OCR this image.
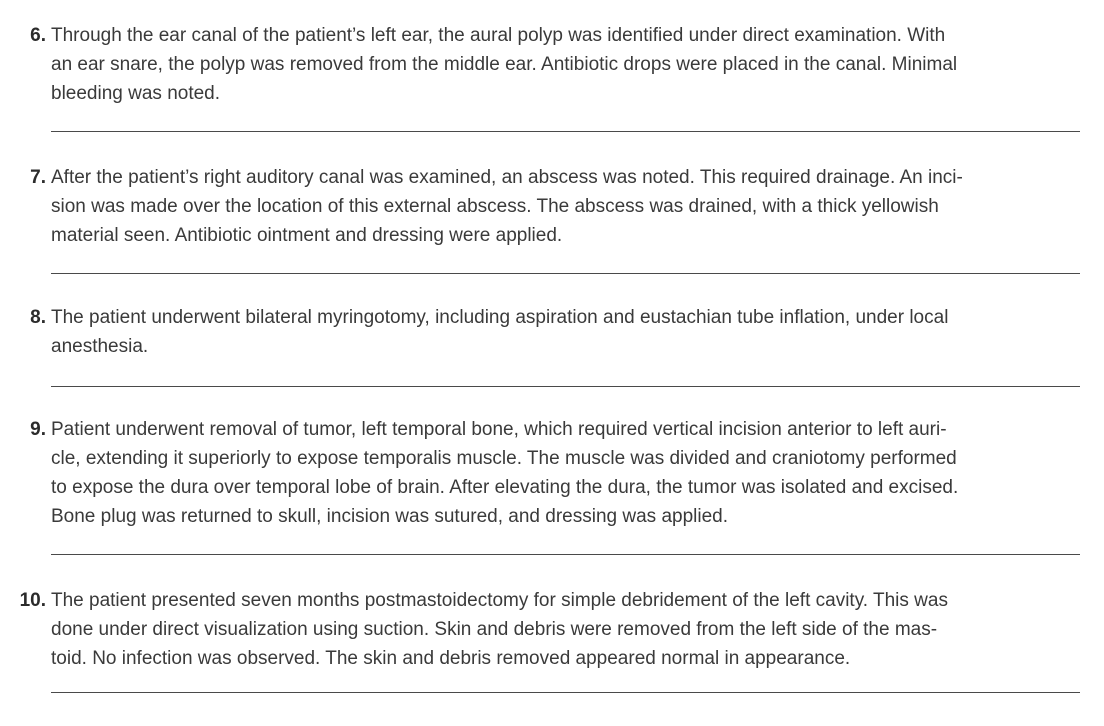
6. Through the ear canal of the patient’s left ear, the aural polyp was identified under direct examination. With
an ear snare, the polyp was removed from the middle ear. Antibiotic drops were placed in the canal. Minimal
bleeding was noted.

7. After the patient’s right auditory canal was examined, an abscess was noted. This required drainage. An inci-
sion was made over the location of this external abscess. The abscess was drained, with a thick yellowish
material seen. Antibiotic ointment and dressing were applied.

8. The patient underwent bilateral myringotomy, including aspiration and eustachian tube inflation, under local
anesthesia.

9. Patient underwent removal of tumor, left temporal bone, which required vertical incision anterior to left auri-
cle, extending it superiorly to expose temporalis muscle. The muscle was divided and craniotomy performed
to expose the dura over temporal lobe of brain. After elevating the dura, the tumor was isolated and excised.
Bone plug was returned to skull, incision was sutured, and dressing was applied.

10. The patient presented seven months postmastoidectomy for simple debridement of the left cavity. This was
done under direct visualization using suction. Skin and debris were removed from the left side of the mas-
toid. No infection was observed. The skin and debris removed appeared normal in appearance.
